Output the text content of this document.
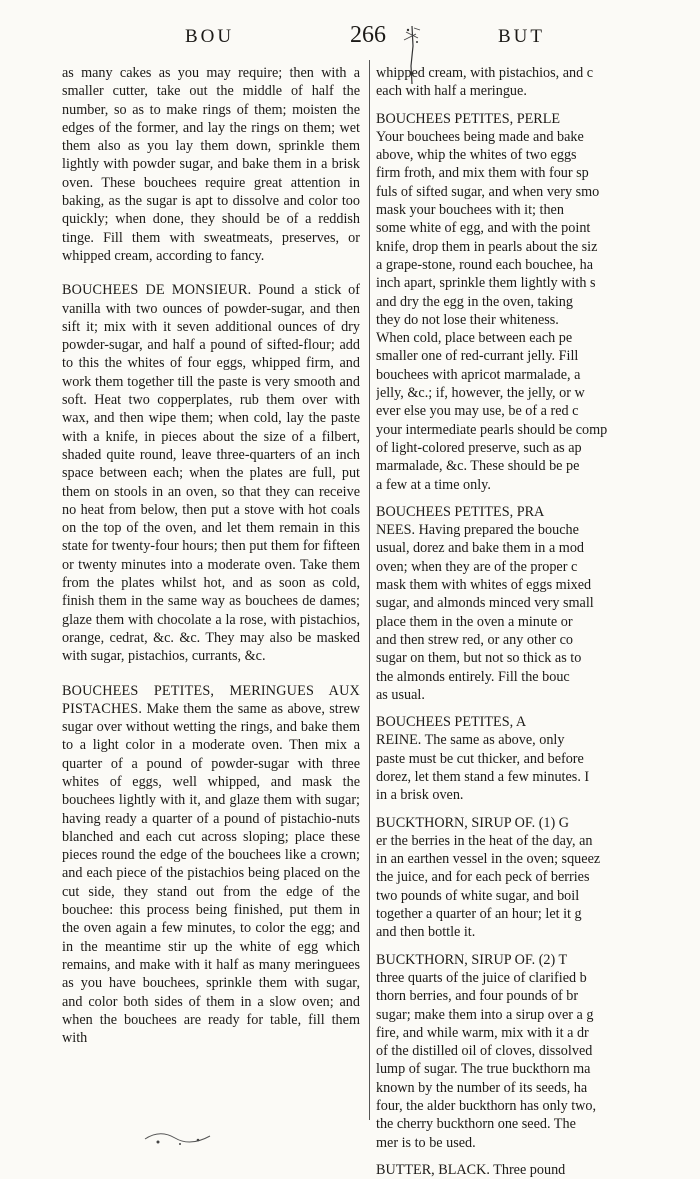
BOU	266	BUT

as many cakes as you may require; then with a smaller cutter, take out the middle of half the number, so as to make rings of them; moisten the edges of the former, and lay the rings on them; wet them also as you lay them down, sprinkle them lightly with powder sugar, and bake them in a brisk oven. These bouchees require great attention in baking, as the sugar is apt to dissolve and color too quickly; when done, they should be of a reddish tinge. Fill them with sweatmeats, preserves, or whipped cream, according to fancy.

BOUCHEES DE MONSIEUR. Pound a stick of vanilla with two ounces of powder-sugar, and then sift it; mix with it seven additional ounces of dry powder-sugar, and half a pound of sifted-flour; add to this the whites of four eggs, whipped firm, and work them together till the paste is very smooth and soft. Heat two copperplates, rub them over with wax, and then wipe them; when cold, lay the paste with a knife, in pieces about the size of a filbert, shaded quite round, leave three-quarters of an inch space between each; when the plates are full, put them on stools in an oven, so that they can receive no heat from below, then put a stove with hot coals on the top of the oven, and let them remain in this state for twenty-four hours; then put them for fifteen or twenty minutes into a moderate oven. Take them from the plates whilst hot, and as soon as cold, finish them in the same way as bouchees de dames; glaze them with chocolate a la rose, with pistachios, orange, cedrat, &c. &c. They may also be masked with sugar, pistachios, currants, &c.

BOUCHEES PETITES, MERINGUES AUX PISTACHES. Make them the same as above, strew sugar over without wetting the rings, and bake them to a light color in a moderate oven. Then mix a quarter of a pound of powder-sugar with three whites of eggs, well whipped, and mask the bouchees lightly with it, and glaze them with sugar; having ready a quarter of a pound of pistachio-nuts blanched and each cut across sloping; place these pieces round the edge of the bouchees like a crown; and each piece of the pistachios being placed on the cut side, they stand out from the edge of the bouchee: this process being finished, put them in the oven again a few minutes, to color the egg; and in the meantime stir up the white of egg which remains, and make with it half as many meringuees as you have bouchees, sprinkle them with sugar, and color both sides of them in a slow oven; and when the bouchees are ready for table, fill them with

whipped cream, with pistachios, and c
each with half a meringue.
BOUCHEES PETITES, PERLE
Your bouchees being made and bake
above, whip the whites of two eggs
firm froth, and mix them with four sp
fuls of sifted sugar, and when very smo
mask your bouchees with it; then
some white of egg, and with the point
knife, drop them in pearls about the siz
a grape-stone, round each bouchee, ha
inch apart, sprinkle them lightly with s
and dry the egg in the oven, taking
they do not lose their whiteness.
When cold, place between each pe
smaller one of red-currant jelly. Fill
bouchees with apricot marmalade, a
jelly, &c.; if, however, the jelly, or w
ever else you may use, be of a red c
your intermediate pearls should be comp
of light-colored preserve, such as ap
marmalade, &c. These should be pe
a few at a time only.
BOUCHEES PETITES, PRA
NEES. Having prepared the bouche
usual, dorez and bake them in a mod
oven; when they are of the proper c
mask them with whites of eggs mixed
sugar, and almonds minced very small
place them in the oven a minute or
and then strew red, or any other co
sugar on them, but not so thick as to
the almonds entirely. Fill the bouc
as usual.
BOUCHEES PETITES, A
REINE. The same as above, only
paste must be cut thicker, and before
dorez, let them stand a few minutes. I
in a brisk oven.
BUCKTHORN, SIRUP OF. (1) G
er the berries in the heat of the day, an
in an earthen vessel in the oven; squeez
the juice, and for each peck of berries
two pounds of white sugar, and boil
together a quarter of an hour; let it g
and then bottle it.
BUCKTHORN, SIRUP OF. (2) T
three quarts of the juice of clarified b
thorn berries, and four pounds of br
sugar; make them into a sirup over a g
fire, and while warm, mix with it a dr
of the distilled oil of cloves, dissolved
lump of sugar. The true buckthorn ma
known by the number of its seeds, ha
four, the alder buckthorn has only two,
the cherry buckthorn one seed. The
mer is to be used.
BUTTER, BLACK. Three pound
